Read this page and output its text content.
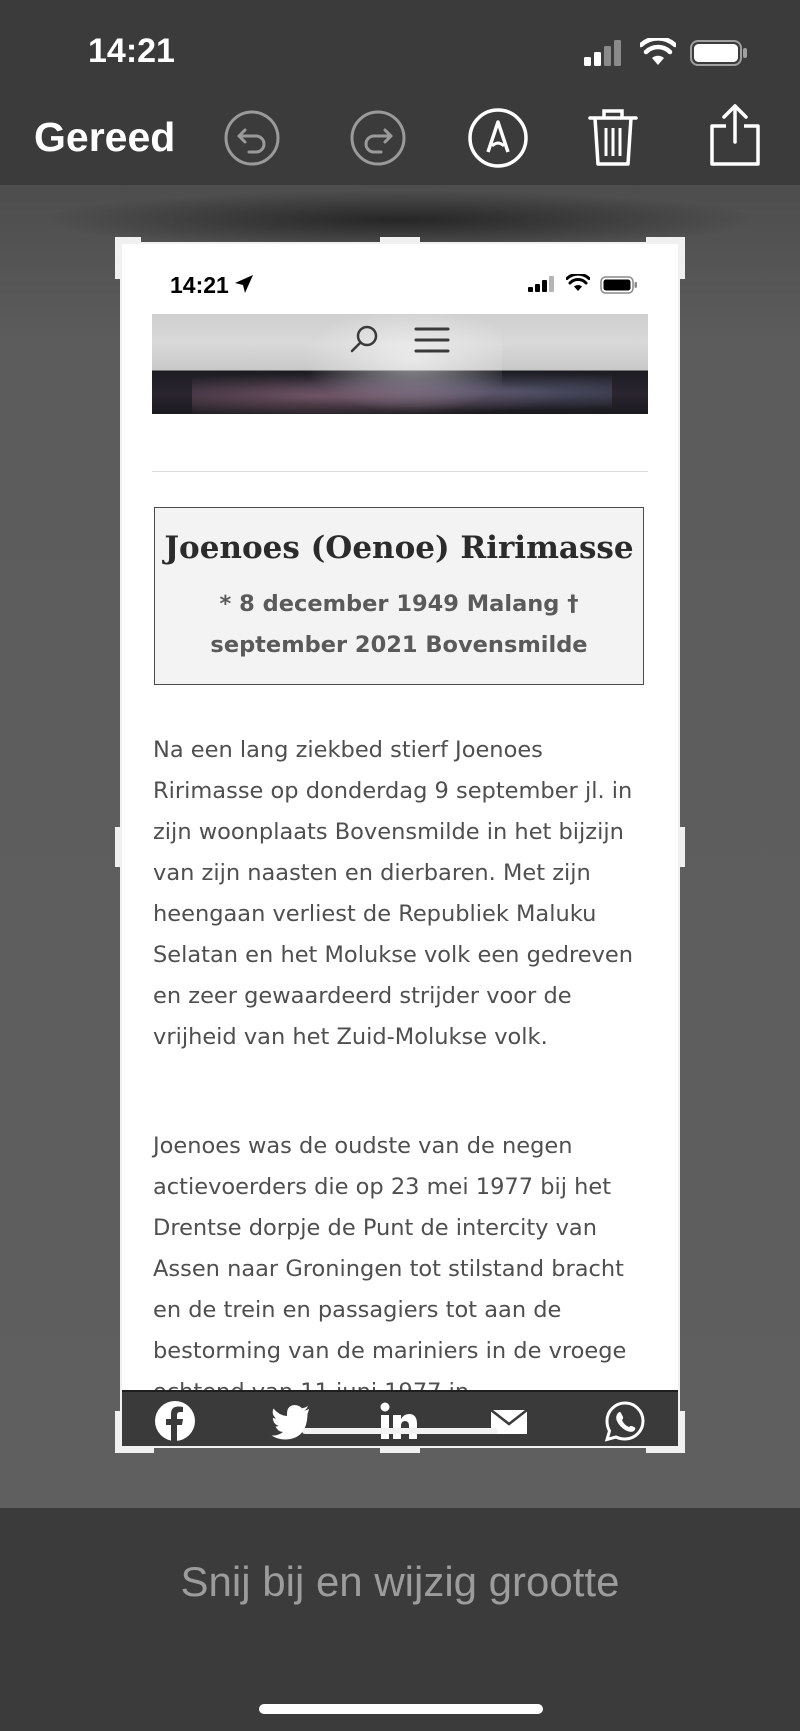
14:21
Gereed
14:21
Joenoes (Oenoe) Ririmasse
* 8 december 1949 Malang † september 2021 Bovensmilde
Na een lang ziekbed stierf Joenoes Ririmasse op donderdag 9 september jl. in zijn woonplaats Bovensmilde in het bijzijn van zijn naasten en dierbaren. Met zijn heengaan verliest de Republiek Maluku Selatan en het Molukse volk een gedreven en zeer gewaardeerd strijder voor de vrijheid van het Zuid-Molukse volk.
Joenoes was de oudste van de negen actievoerders die op 23 mei 1977 bij het Drentse dorpje de Punt de intercity van Assen naar Groningen tot stilstand bracht en de trein en passagiers tot aan de bestorming van de mariniers in de vroege
Snij bij en wijzig grootte
